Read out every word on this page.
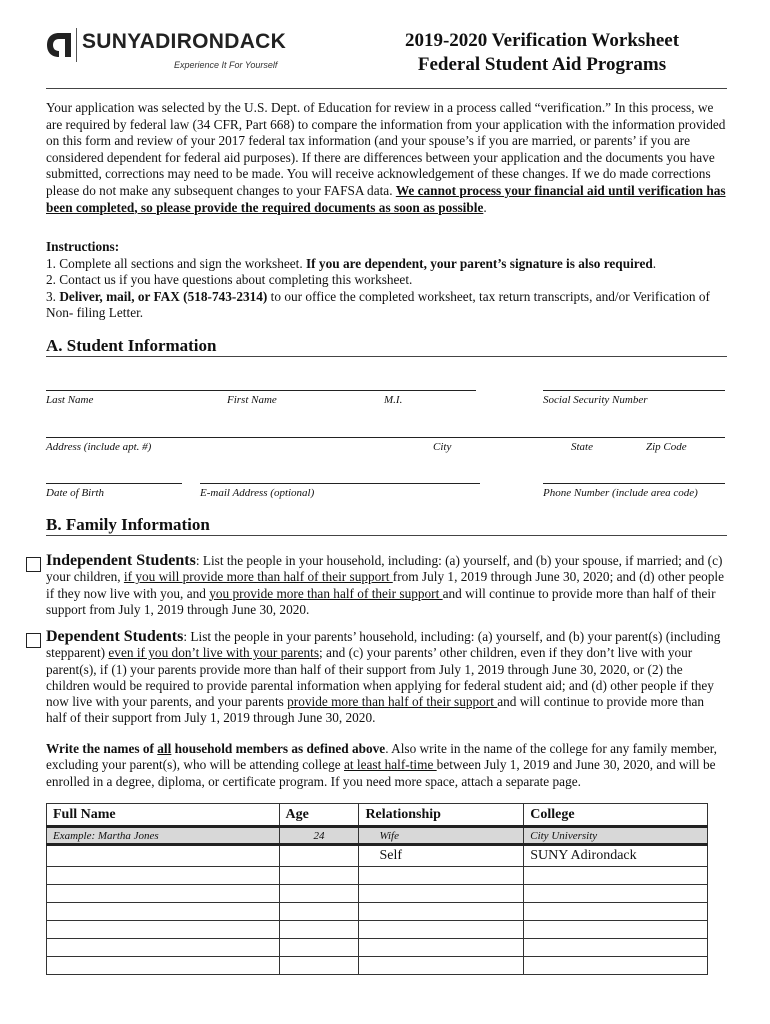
SUNYADIRONDACK
Experience It For Yourself
2019-2020 Verification Worksheet
Federal Student Aid Programs
Your application was selected by the U.S. Dept. of Education for review in a process called “verification.” In this process, we are required by federal law (34 CFR, Part 668) to compare the information from your application with the information provided on this form and review of your 2017 federal tax information (and your spouse’s if you are married, or parents’ if you are considered dependent for federal aid purposes). If there are differences between your application and the documents you have submitted, corrections may need to be made. You will receive acknowledgement of these changes. If we do made corrections please do not make any subsequent changes to your FAFSA data. We cannot process your financial aid until verification has been completed, so please provide the required documents as soon as possible.
Instructions:
1. Complete all sections and sign the worksheet. If you are dependent, your parent’s signature is also required.
2. Contact us if you have questions about completing this worksheet.
3. Deliver, mail, or FAX (518-743-2314) to our office the completed worksheet, tax return transcripts, and/or Verification of Non- filing Letter.
A. Student Information
Last Name	First Name	M.I.	Social Security Number
Address (include apt. #)	City	State	Zip Code
Date of Birth	E-mail Address (optional)	Phone Number (include area code)
B. Family Information
Independent Students: List the people in your household, including: (a) yourself, and (b) your spouse, if married; and (c) your children, if you will provide more than half of their support from July 1, 2019 through June 30, 2020; and (d) other people if they now live with you, and you provide more than half of their support and will continue to provide more than half of their support from July 1, 2019 through June 30, 2020.
Dependent Students: List the people in your parents’ household, including: (a) yourself, and (b) your parent(s) (including stepparent) even if you don’t live with your parents; and (c) your parents’ other children, even if they don’t live with your parent(s), if (1) your parents provide more than half of their support from July 1, 2019 through June 30, 2020, or (2) the children would be required to provide parental information when applying for federal student aid; and (d) other people if they now live with your parents, and your parents provide more than half of their support and will continue to provide more than half of their support from July 1, 2019 through June 30, 2020.
Write the names of all household members as defined above. Also write in the name of the college for any family member, excluding your parent(s), who will be attending college at least half-time between July 1, 2019 and June 30, 2020, and will be enrolled in a degree, diploma, or certificate program. If you need more space, attach a separate page.
Full Name	Age	Relationship	College
Example: Martha Jones	24	Wife	City University
		Self	SUNY Adirondack
